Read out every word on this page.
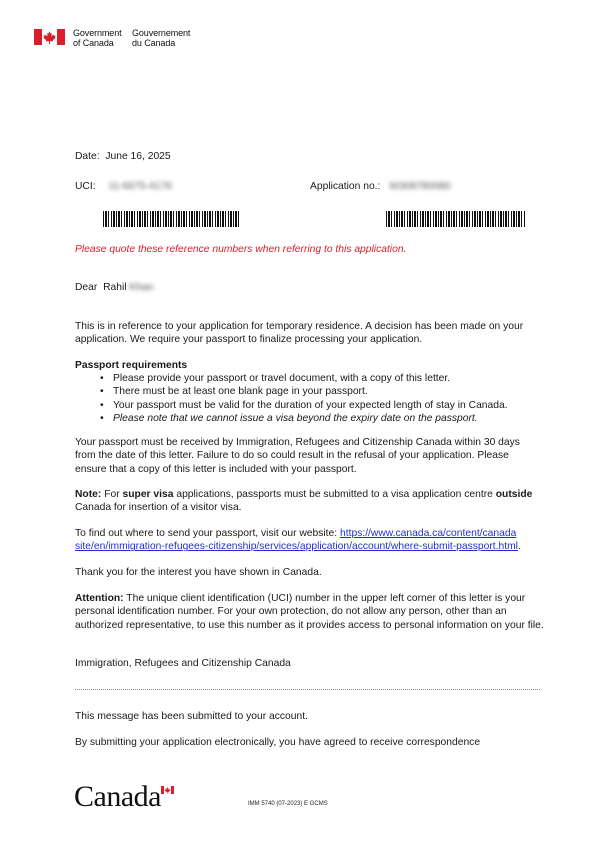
Government
of Canada
Gouvernement
du Canada
Date: June 16, 2025
UCI: 11-6675-4176	Application no.: W308780080
Please quote these reference numbers when referring to this application.
Dear Rahil Khan
This is in reference to your application for temporary residence. A decision has been made on your application. We require your passport to finalize processing your application.
Passport requirements
• Please provide your passport or travel document, with a copy of this letter.
• There must be at least one blank page in your passport.
• Your passport must be valid for the duration of your expected length of stay in Canada.
• Please note that we cannot issue a visa beyond the expiry date on the passport.
Your passport must be received by Immigration, Refugees and Citizenship Canada within 30 days from the date of this letter. Failure to do so could result in the refusal of your application. Please ensure that a copy of this letter is included with your passport.
Note: For super visa applications, passports must be submitted to a visa application centre outside Canada for insertion of a visitor visa.
To find out where to send your passport, visit our website: https://www.canada.ca/content/canada
site/en/immigration-refugees-citizenship/services/application/account/where-submit-passport.html.
Thank you for the interest you have shown in Canada.
Attention: The unique client identification (UCI) number in the upper left corner of this letter is your personal identification number. For your own protection, do not allow any person, other than an authorized representative, to use this number as it provides access to personal information on your file.
Immigration, Refugees and Citizenship Canada
This message has been submitted to your account.
By submitting your application electronically, you have agreed to receive correspondence
Canada	IMM 5740 (07-2023) E GCMS
